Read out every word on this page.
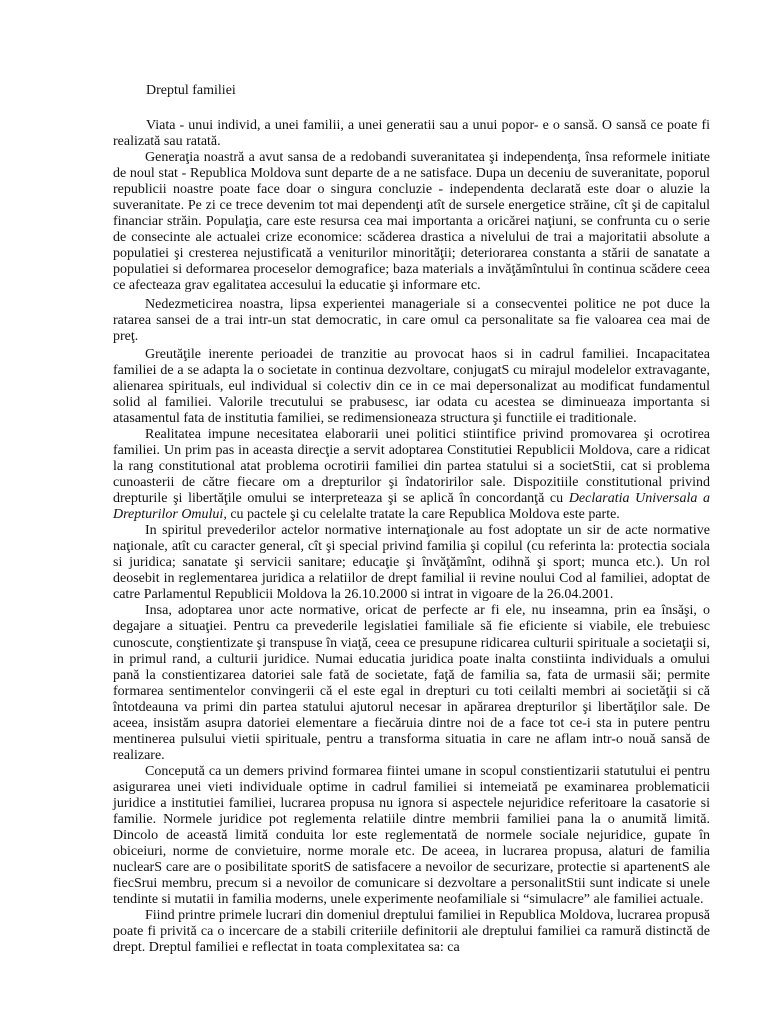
Dreptul familiei

Viata - unui individ, a unei familii, a unei generatii sau a unui popor- e o sansă. O sansă ce poate fi realizată sau ratată.

Generaţia noastră a avut sansa de a redobandi suveranitatea şi independenţa, însa reformele initiate de noul stat - Republica Moldova sunt departe de a ne satisface. Dupa un deceniu de suveranitate, poporul republicii noastre poate face doar o singura concluzie - independenta declarată este doar o aluzie la suveranitate. Pe zi ce trece devenim tot mai dependenţi atît de sursele energetice străine, cît şi de capitalul financiar străin. Populaţia, care este resursa cea mai importanta a oricărei naţiuni, se confrunta cu o serie de consecinte ale actualei crize economice: scăderea drastica a nivelului de trai a majoritatii absolute a populatiei şi cresterea nejustificată a veniturilor minorităţii; deteriorarea constanta a stării de sanatate a populatiei si deformarea proceselor demografice; baza materials a invăţămîntului în continua scădere ceea ce afecteaza grav egalitatea accesului la educatie şi informare etc.

Nedezmeticirea noastra, lipsa experientei manageriale si a consecventei politice ne pot duce la ratarea sansei de a trai intr-un stat democratic, in care omul ca personalitate sa fie valoarea cea mai de preţ.

Greutăţile inerente perioadei de tranzitie au provocat haos si in cadrul familiei. Incapacitatea familiei de a se adapta la o societate in continua dezvoltare, conjugatS cu mirajul modelelor extravagante, alienarea spirituals, eul individual si colectiv din ce in ce mai depersonalizat au modificat fundamentul solid al familiei. Valorile trecutului se prabusesc, iar odata cu acestea se diminueaza importanta si atasamentul fata de institutia familiei, se redimensioneaza structura şi functiile ei traditionale.

Realitatea impune necesitatea elaborarii unei politici stiintifice privind promovarea şi ocrotirea familiei. Un prim pas in aceasta direcţie a servit adoptarea Constitutiei Republicii Moldova, care a ridicat la rang constitutional atat problema ocrotirii familiei din partea statului si a societStii, cat si problema cunoasterii de către fiecare om a drepturilor şi îndatoririlor sale. Dispozitiile constitutional privind drepturile şi libertăţile omului se interpreteaza şi se aplică în concordanţă cu Declaratia Universala a Drepturilor Omului, cu pactele şi cu celelalte tratate la care Republica Moldova este parte.

In spiritul prevederilor actelor normative internaţionale au fost adoptate un sir de acte normative naţionale, atît cu caracter general, cît şi special privind familia şi copilul (cu referinta la: protectia sociala si juridica; sanatate şi servicii sanitare; educaţie şi învăţămînt, odihnă şi sport; munca etc.). Un rol deosebit in reglementarea juridica a relatiilor de drept familial ii revine noului Cod al familiei, adoptat de catre Parlamentul Republicii Moldova la 26.10.2000 si intrat in vigoare de la 26.04.2001.

Insa, adoptarea unor acte normative, oricat de perfecte ar fi ele, nu inseamna, prin ea însăşi, o degajare a situaţiei. Pentru ca prevederile legislatiei familiale să fie eficiente si viabile, ele trebuiesc cunoscute, conştientizate şi transpuse în viaţă, ceea ce presupune ridicarea culturii spirituale a societaţii si, in primul rand, a culturii juridice. Numai educatia juridica poate inalta constiinta individuals a omului pană la constientizarea datoriei sale fată de societate, faţă de familia sa, fata de urmasii săi; permite formarea sentimentelor convingerii că el este egal in drepturi cu toti ceilalti membri ai societăţii si că întotdeauna va primi din partea statului ajutorul necesar in apărarea drepturilor şi libertăţilor sale. De aceea, insistăm asupra datoriei elementare a fiecăruia dintre noi de a face tot ce-i sta in putere pentru mentinerea pulsului vietii spirituale, pentru a transforma situatia in care ne aflam intr-o nouă sansă de realizare.

Concepută ca un demers privind formarea fiintei umane in scopul constientizarii statutului ei pentru asigurarea unei vieti individuale optime in cadrul familiei si intemeiată pe examinarea problematicii juridice a institutiei familiei, lucrarea propusa nu ignora si aspectele nejuridice referitoare la casatorie si familie. Normele juridice pot reglementa relatiile dintre membrii familiei pana la o anumită limită. Dincolo de această limită conduita lor este reglementată de normele sociale nejuridice, gupate în obiceiuri, norme de convietuire, norme morale etc. De aceea, in lucrarea propusa, alaturi de familia nuclearS care are o posibilitate sporitS de satisfacere a nevoilor de securizare, protectie si apartenentS ale fiecSrui membru, precum si a nevoilor de comunicare si dezvoltare a personalitStii sunt indicate si unele tendinte si mutatii in familia moderns, unele experimente neofamiliale si “simulacre” ale familiei actuale.

Fiind printre primele lucrari din domeniul dreptului familiei in Republica Moldova, lucrarea propusă poate fi privită ca o incercare de a stabili criteriile definitorii ale dreptului familiei ca ramură distinctă de drept. Dreptul familiei e reflectat in toata complexitatea sa: ca
